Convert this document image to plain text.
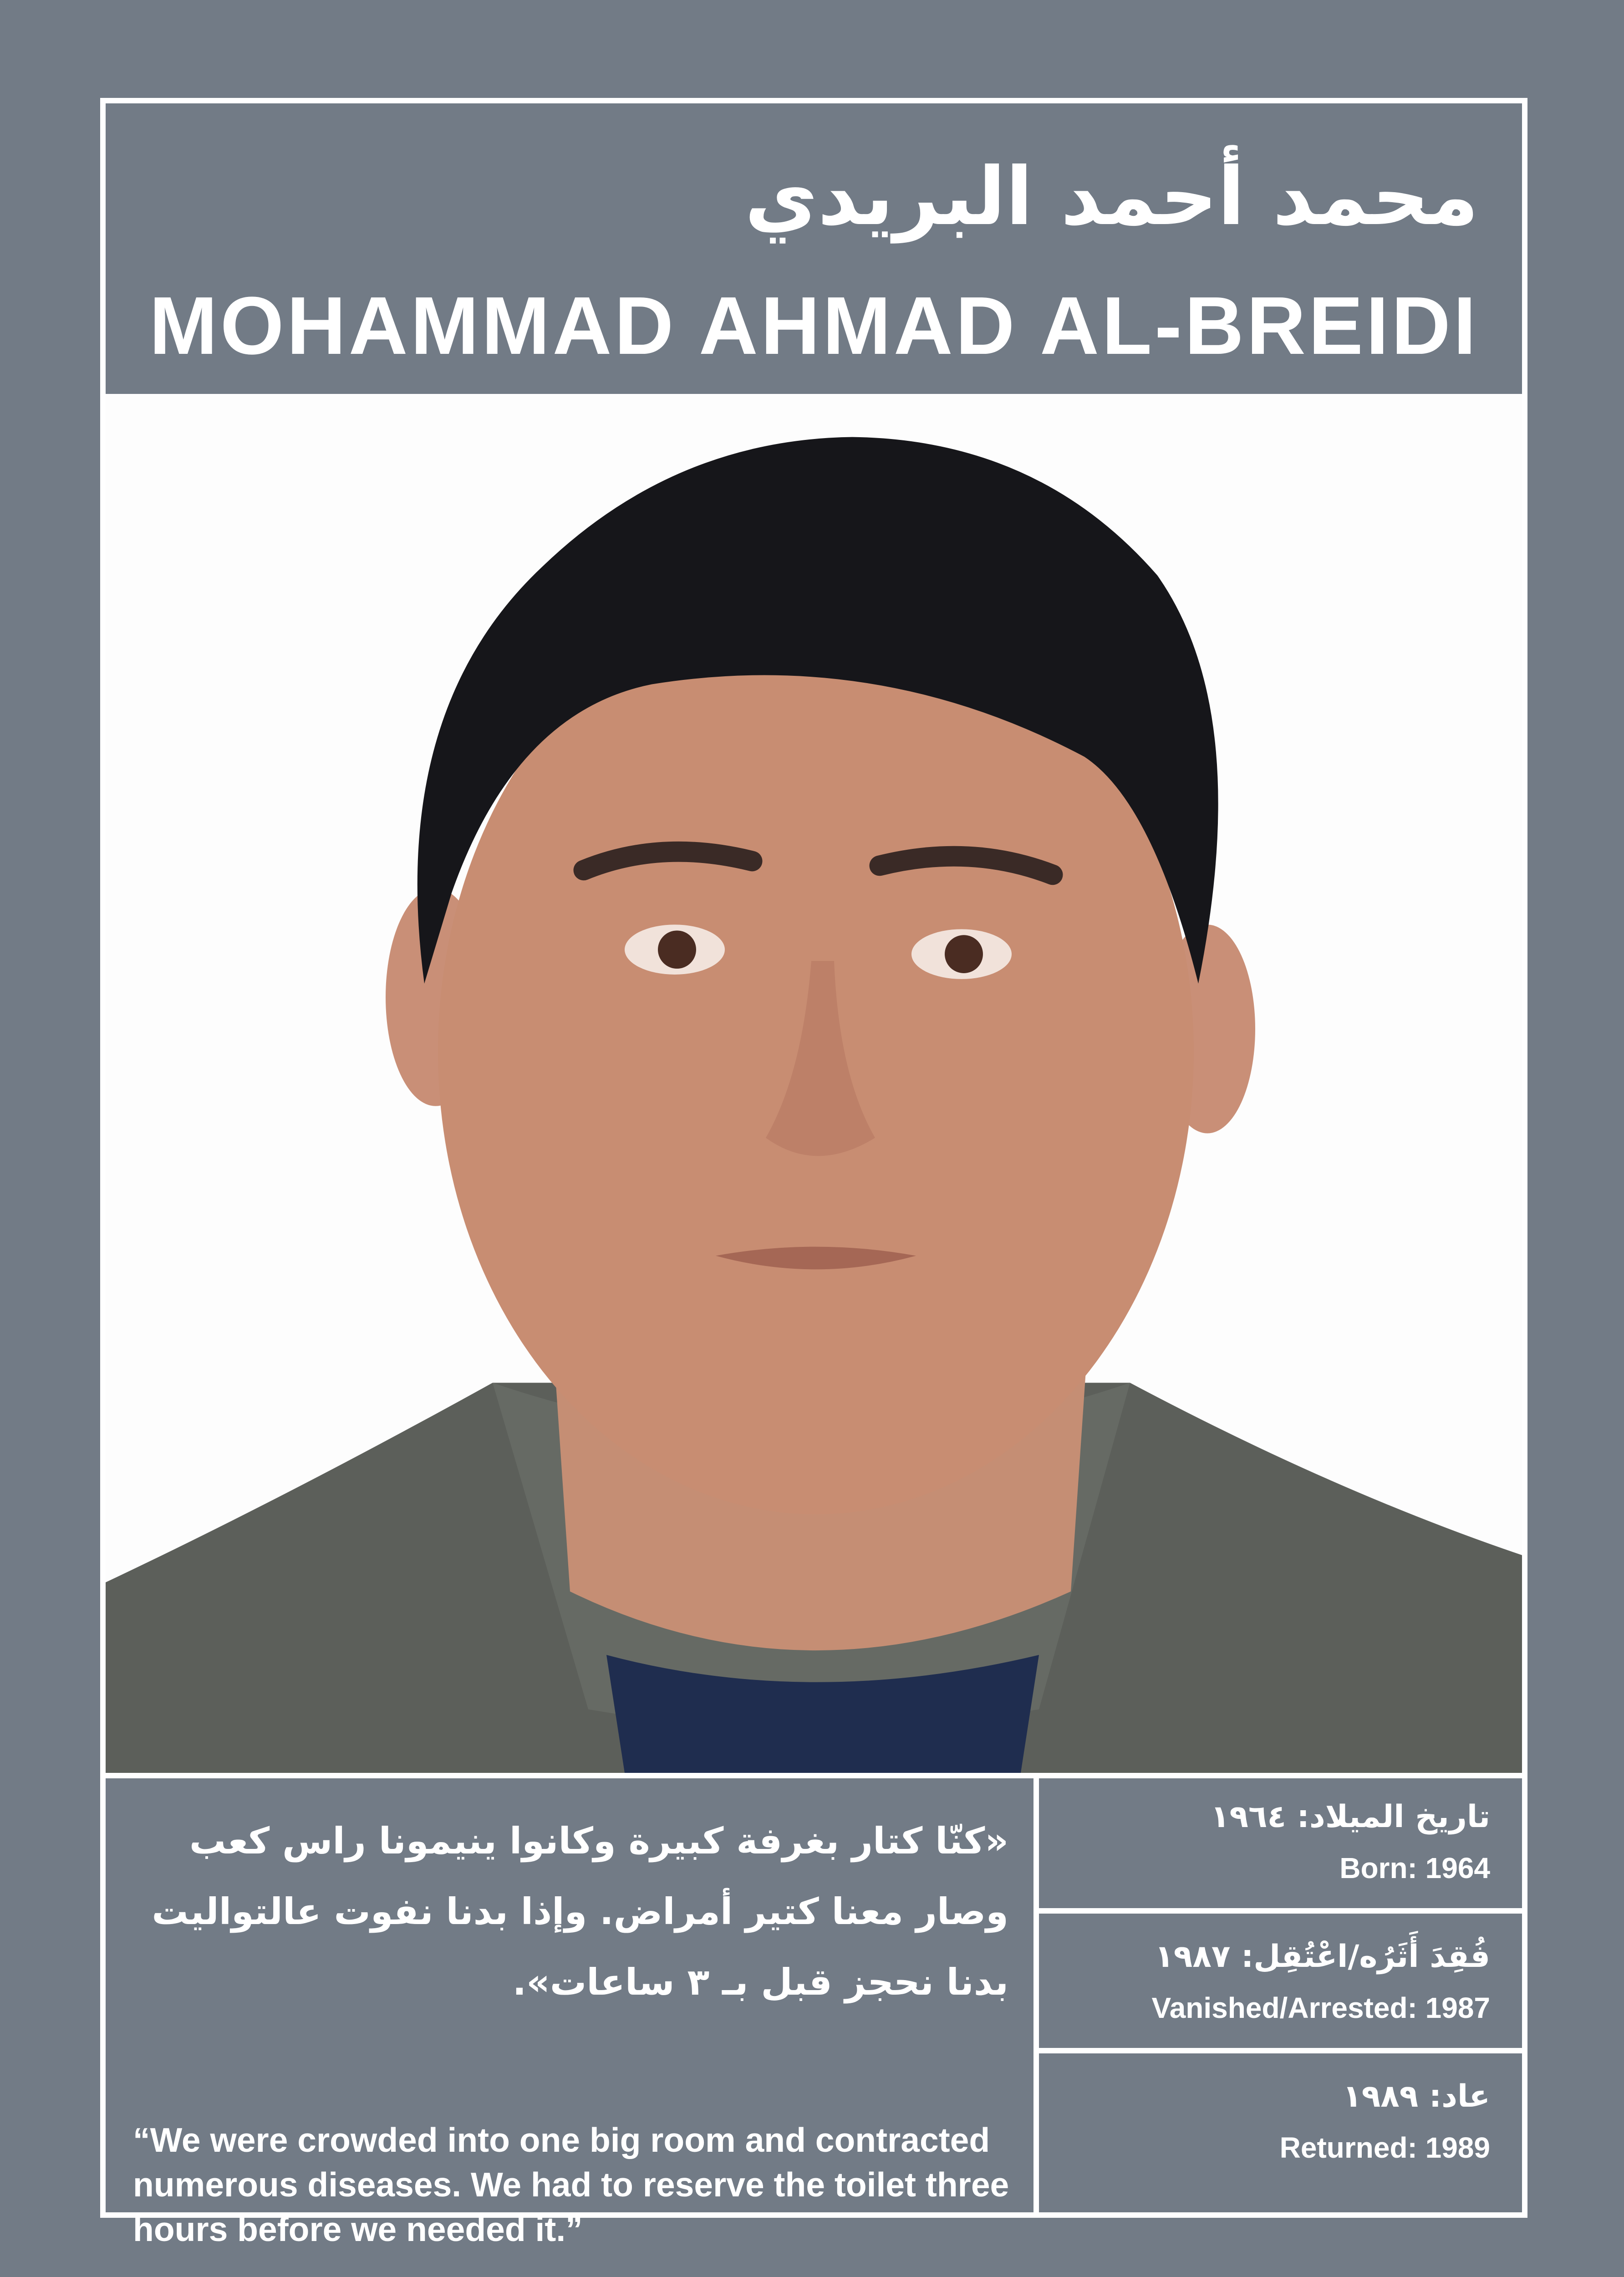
محمد أحمد البريدي
MOHAMMAD AHMAD AL-BREIDI
«كنّا كتار بغرفة كبيرة وكانوا ينيمونا راس كعب وصار معنا كتير أمراض. وإذا بدنا نفوت عالتواليت بدنا نحجز قبل بـ ٣ ساعات».
“We were crowded into one big room and contracted numerous diseases. We had to reserve the toilet three hours before we needed it.”
تاريخ الميلاد: ١٩٦٤
Born: 1964
فُقِدَ أَثَرُه/اعْتُقِل: ١٩٨٧
Vanished/Arrested: 1987
عاد: ١٩٨٩
Returned: 1989
